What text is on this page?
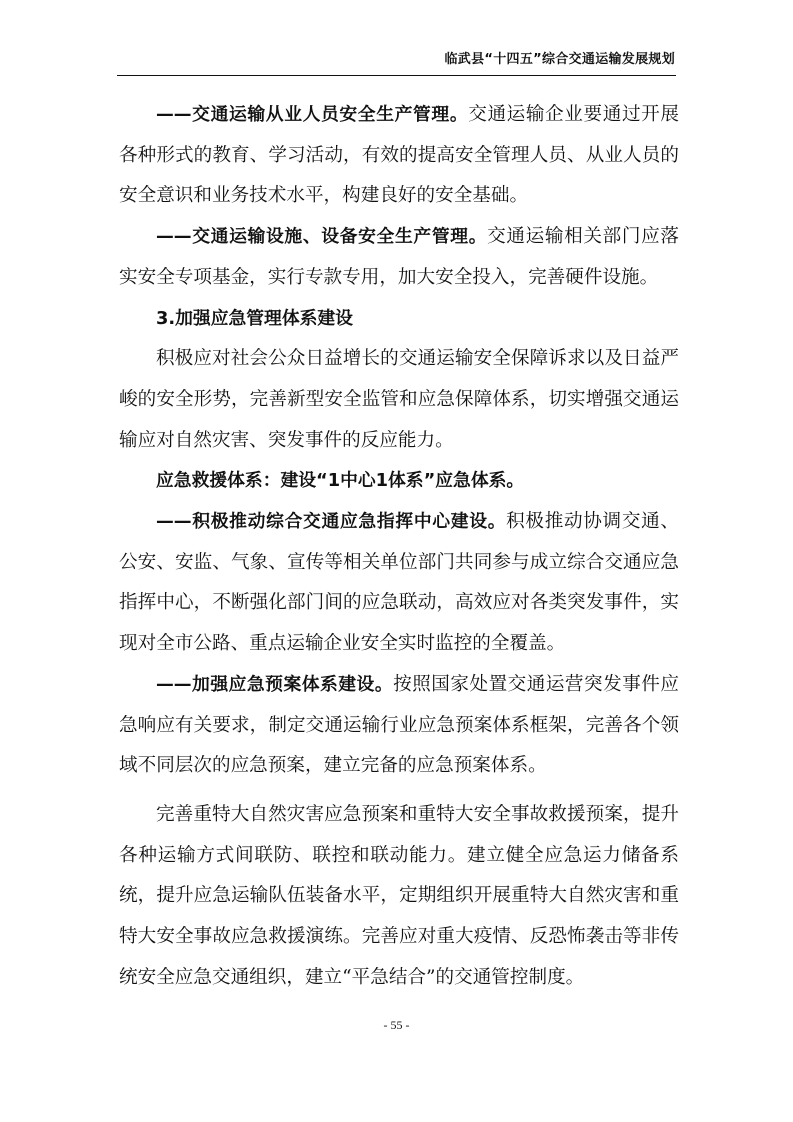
临武县“十四五”综合交通运输发展规划

——交通运输从业人员安全生产管理。交通运输企业要通过开展各种形式的教育、学习活动，有效的提高安全管理人员、从业人员的安全意识和业务技术水平，构建良好的安全基础。

——交通运输设施、设备安全生产管理。交通运输相关部门应落实安全专项基金，实行专款专用，加大安全投入，完善硬件设施。

3.加强应急管理体系建设

积极应对社会公众日益增长的交通运输安全保障诉求以及日益严峻的安全形势，完善新型安全监管和应急保障体系，切实增强交通运输应对自然灾害、突发事件的反应能力。

应急救援体系：建设“1中心1体系”应急体系。

——积极推动综合交通应急指挥中心建设。积极推动协调交通、公安、安监、气象、宣传等相关单位部门共同参与成立综合交通应急指挥中心，不断强化部门间的应急联动，高效应对各类突发事件，实现对全市公路、重点运输企业安全实时监控的全覆盖。

——加强应急预案体系建设。按照国家处置交通运营突发事件应急响应有关要求，制定交通运输行业应急预案体系框架，完善各个领域不同层次的应急预案，建立完备的应急预案体系。

完善重特大自然灾害应急预案和重特大安全事故救援预案，提升各种运输方式间联防、联控和联动能力。建立健全应急运力储备系统，提升应急运输队伍装备水平，定期组织开展重特大自然灾害和重特大安全事故应急救援演练。完善应对重大疫情、反恐怖袭击等非传统安全应急交通组织，建立“平急结合”的交通管控制度。

- 55 -
